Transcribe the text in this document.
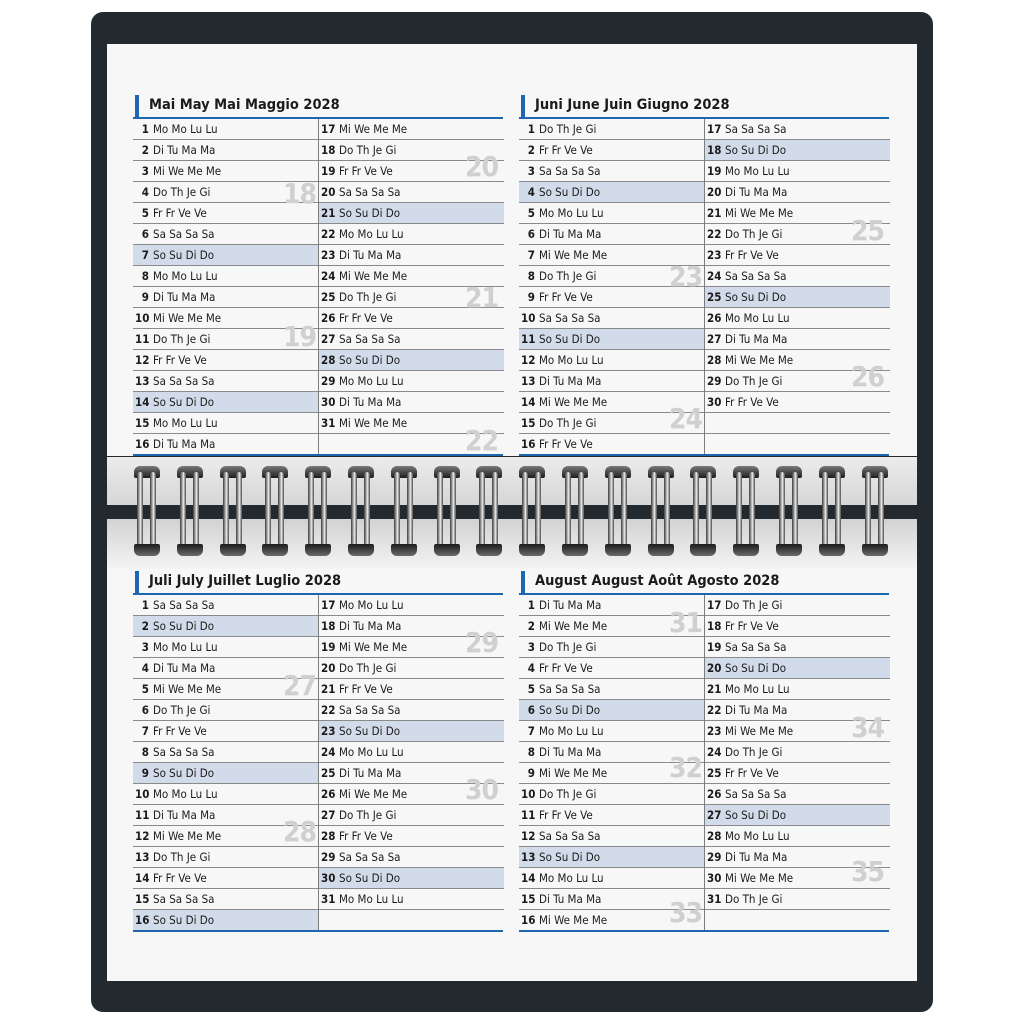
Mai May Mai Maggio 2028
1 Mo Mo Lu Lu
2 Di Tu Ma Ma
3 Mi We Me Me
4 Do Th Je Gi
5 Fr Fr Ve Ve
6 Sa Sa Sa Sa
7 So Su Di Do
8 Mo Mo Lu Lu
9 Di Tu Ma Ma
10 Mi We Me Me
11 Do Th Je Gi
12 Fr Fr Ve Ve
13 Sa Sa Sa Sa
14 So Su Di Do
15 Mo Mo Lu Lu
16 Di Tu Ma Ma
17 Mi We Me Me
18 Do Th Je Gi
19 Fr Fr Ve Ve
20 Sa Sa Sa Sa
21 So Su Di Do
22 Mo Mo Lu Lu
23 Di Tu Ma Ma
24 Mi We Me Me
25 Do Th Je Gi
26 Fr Fr Ve Ve
27 Sa Sa Sa Sa
28 So Su Di Do
29 Mo Mo Lu Lu
30 Di Tu Ma Ma
31 Mi We Me Me
18
19
20
21
22
Juni June Juin Giugno 2028
1 Do Th Je Gi
2 Fr Fr Ve Ve
3 Sa Sa Sa Sa
4 So Su Di Do
5 Mo Mo Lu Lu
6 Di Tu Ma Ma
7 Mi We Me Me
8 Do Th Je Gi
9 Fr Fr Ve Ve
10 Sa Sa Sa Sa
11 So Su Di Do
12 Mo Mo Lu Lu
13 Di Tu Ma Ma
14 Mi We Me Me
15 Do Th Je Gi
16 Fr Fr Ve Ve
17 Sa Sa Sa Sa
18 So Su Di Do
19 Mo Mo Lu Lu
20 Di Tu Ma Ma
21 Mi We Me Me
22 Do Th Je Gi
23 Fr Fr Ve Ve
24 Sa Sa Sa Sa
25 So Su Di Do
26 Mo Mo Lu Lu
27 Di Tu Ma Ma
28 Mi We Me Me
29 Do Th Je Gi
30 Fr Fr Ve Ve
23
24
25
26
Juli July Juillet Luglio 2028
1 Sa Sa Sa Sa
2 So Su Di Do
3 Mo Mo Lu Lu
4 Di Tu Ma Ma
5 Mi We Me Me
6 Do Th Je Gi
7 Fr Fr Ve Ve
8 Sa Sa Sa Sa
9 So Su Di Do
10 Mo Mo Lu Lu
11 Di Tu Ma Ma
12 Mi We Me Me
13 Do Th Je Gi
14 Fr Fr Ve Ve
15 Sa Sa Sa Sa
16 So Su Di Do
17 Mo Mo Lu Lu
18 Di Tu Ma Ma
19 Mi We Me Me
20 Do Th Je Gi
21 Fr Fr Ve Ve
22 Sa Sa Sa Sa
23 So Su Di Do
24 Mo Mo Lu Lu
25 Di Tu Ma Ma
26 Mi We Me Me
27 Do Th Je Gi
28 Fr Fr Ve Ve
29 Sa Sa Sa Sa
30 So Su Di Do
31 Mo Mo Lu Lu
27
28
29
30
August August Août Agosto 2028
1 Di Tu Ma Ma
2 Mi We Me Me
3 Do Th Je Gi
4 Fr Fr Ve Ve
5 Sa Sa Sa Sa
6 So Su Di Do
7 Mo Mo Lu Lu
8 Di Tu Ma Ma
9 Mi We Me Me
10 Do Th Je Gi
11 Fr Fr Ve Ve
12 Sa Sa Sa Sa
13 So Su Di Do
14 Mo Mo Lu Lu
15 Di Tu Ma Ma
16 Mi We Me Me
17 Do Th Je Gi
18 Fr Fr Ve Ve
19 Sa Sa Sa Sa
20 So Su Di Do
21 Mo Mo Lu Lu
22 Di Tu Ma Ma
23 Mi We Me Me
24 Do Th Je Gi
25 Fr Fr Ve Ve
26 Sa Sa Sa Sa
27 So Su Di Do
28 Mo Mo Lu Lu
29 Di Tu Ma Ma
30 Mi We Me Me
31 Do Th Je Gi
31
32
33
34
35
